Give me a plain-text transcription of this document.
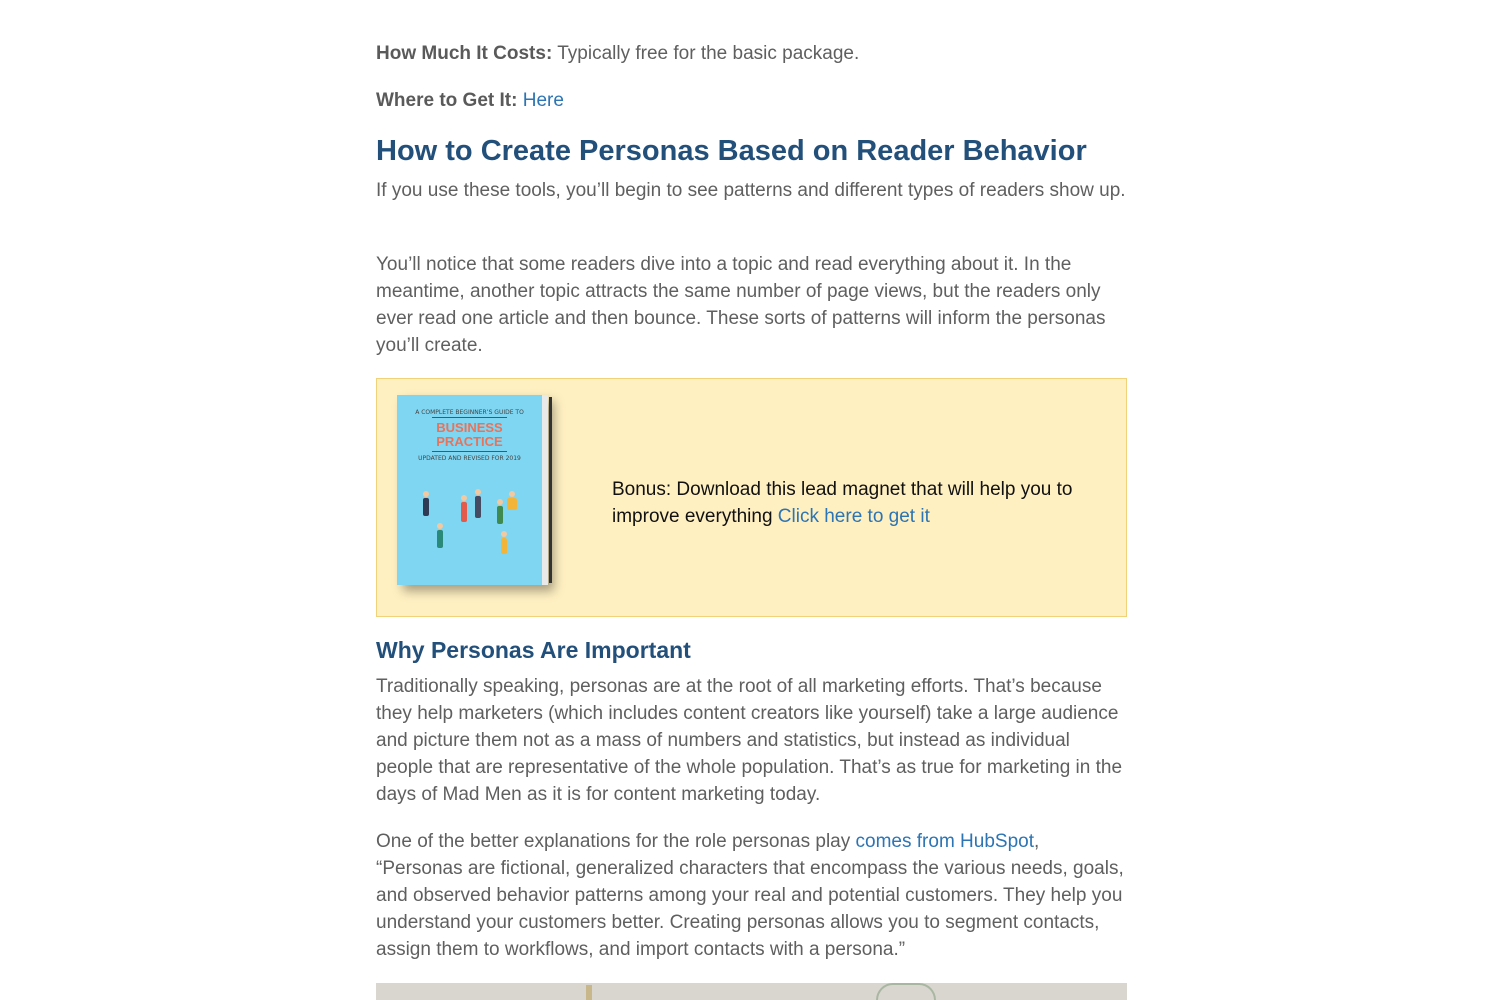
How Much It Costs: Typically free for the basic package.

Where to Get It: Here

How to Create Personas Based on Reader Behavior

If you use these tools, you’ll begin to see patterns and different types of readers show up.

You’ll notice that some readers dive into a topic and read everything about it. In the meantime, another topic attracts the same number of page views, but the readers only ever read one article and then bounce. These sorts of patterns will inform the personas you’ll create.

A COMPLETE BEGINNER’S GUIDE TO
BUSINESS
PRACTICE
UPDATED AND REVISED FOR 2019

Bonus: Download this lead magnet that will help you to improve everything Click here to get it

Why Personas Are Important

Traditionally speaking, personas are at the root of all marketing efforts. That’s because they help marketers (which includes content creators like yourself) take a large audience and picture them not as a mass of numbers and statistics, but instead as individual people that are representative of the whole population. That’s as true for marketing in the days of Mad Men as it is for content marketing today.

One of the better explanations for the role personas play comes from HubSpot, “Personas are fictional, generalized characters that encompass the various needs, goals, and observed behavior patterns among your real and potential customers. They help you understand your customers better. Creating personas allows you to segment contacts, assign them to workflows, and import contacts with a persona.”
